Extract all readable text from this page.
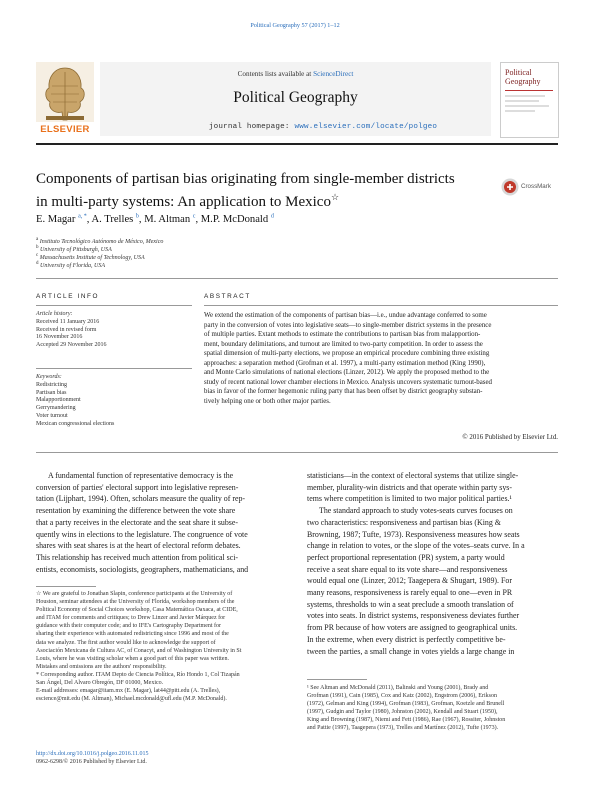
Political Geography 57 (2017) 1–12
ELSEVIER
Contents lists available at ScienceDirect
Political Geography
journal homepage: www.elsevier.com/locate/polgeo
Political Geography
Components of partisan bias originating from single-member districts
in multi-party systems: An application to Mexico☆
CrossMark
E. Magar $^{a, *}$, A. Trelles $^b$, M. Altman $^c$, M.P. McDonald $^d$
$^a$ Instituto Tecnológico Autónomo de México, Mexico
$^b$ University of Pittsburgh, USA
$^c$ Massachusetts Institute of Technology, USA
$^d$ University of Florida, USA
ARTICLE INFO
Article history:
Received 11 January 2016
Received in revised form
16 November 2016
Accepted 29 November 2016
Keywords:
Redistricting
Partisan bias
Malapportionment
Gerrymandering
Voter turnout
Mexican congressional elections
ABSTRACT
We extend the estimation of the components of partisan bias—i.e., undue advantage conferred to some
party in the conversion of votes into legislative seats—to single-member district systems in the presence
of multiple parties. Extant methods to estimate the contributions to partisan bias from malapportion-
ment, boundary delimitations, and turnout are limited to two-party competition. In order to assess the
spatial dimension of multi-party elections, we propose an empirical procedure combining three existing
approaches: a separation method (Grofman et al. 1997), a multi-party estimation method (King 1990),
and Monte Carlo simulations of national elections (Linzer, 2012). We apply the proposed method to the
study of recent national lower chamber elections in Mexico. Analysis uncovers systematic turnout-based
bias in favor of the former hegemonic ruling party that has been offset by district geography substan-
tively helping one or both other major parties.
© 2016 Published by Elsevier Ltd.
A fundamental function of representative democracy is the
conversion of parties' electoral support into legislative represen-
tation (Lijphart, 1994). Often, scholars measure the quality of rep-
resentation by examining the difference between the vote share
that a party receives in the electorate and the seat share it subse-
quently wins in elections to the legislature. The congruence of vote
shares with seat shares is at the heart of electoral reform debates.
This relationship has received much attention from political sci-
entists, economists, sociologists, geographers, mathematicians, and
statisticians—in the context of electoral systems that utilize single-
member, plurality-win districts and that operate within party sys-
tems where competition is limited to two major political parties.¹
The standard approach to study votes-seats curves focuses on
two characteristics: responsiveness and partisan bias (King &
Browning, 1987; Tufte, 1973). Responsiveness measures how seats
change in relation to votes, or the slope of the votes–seats curve. In a
perfect proportional representation (PR) system, a party would
receive a seat share equal to its vote share—and responsiveness
would equal one (Linzer, 2012; Taagepera & Shugart, 1989). For
many reasons, responsiveness is rarely equal to one—even in PR
systems, thresholds to win a seat preclude a smooth translation of
votes into seats. In district systems, responsiveness deviates further
from PR because of how voters are assigned to geographical units.
In the extreme, when every district is perfectly competitive be-
tween the parties, a small change in votes yields a large change in
☆ We are grateful to Jonathan Slapin, conference participants at the University of
Houston, seminar attendees at the University of Florida, workshop members of the
Political Economy of Social Choices workshop, Casa Matemática Oaxaca, at CIDE,
and ITAM for comments and critiques; to Drew Linzer and Javier Márquez for
guidance with their computer code; and to IFE's Cartography Department for
sharing their experience with automated redistricting since 1996 and most of the
data we analyze. The first author would like to acknowledge the support of
Asociación Mexicana de Cultura AC, of Conacyt, and of Washington University in St
Louis, where he was visiting scholar when a good part of this paper was written.
Mistakes and omissions are the authors' responsibility.
* Corresponding author. ITAM Depto de Ciencia Política, Río Hondo 1, Col Tizapán
San Ángel, Del Alvaro Obregón, DF 01000, Mexico.
E-mail addresses: emagar@itam.mx (E. Magar), lat44@pitt.edu (A. Trelles),
escience@mit.edu (M. Altman), Michael.mcdonald@ufl.edu (M.P. McDonald).
¹ See Altman and McDonald (2011), Balinski and Young (2001), Brady and
Grofman (1991), Cain (1985), Cox and Katz (2002), Engstrom (2006), Erikson
(1972), Gelman and King (1994), Grofman (1983), Grofman, Koetzle and Brunell
(1997), Gudgin and Taylor (1980), Johnston (2002), Kendall and Stuart (1950),
King and Browning (1987), Niemi and Fett (1986), Rae (1967), Rossiter, Johnston
and Pattie (1997), Taagepera (1973), Trelles and Martínez (2012), Tufte (1973).
http://dx.doi.org/10.1016/j.polgeo.2016.11.015
0962-6298/© 2016 Published by Elsevier Ltd.
